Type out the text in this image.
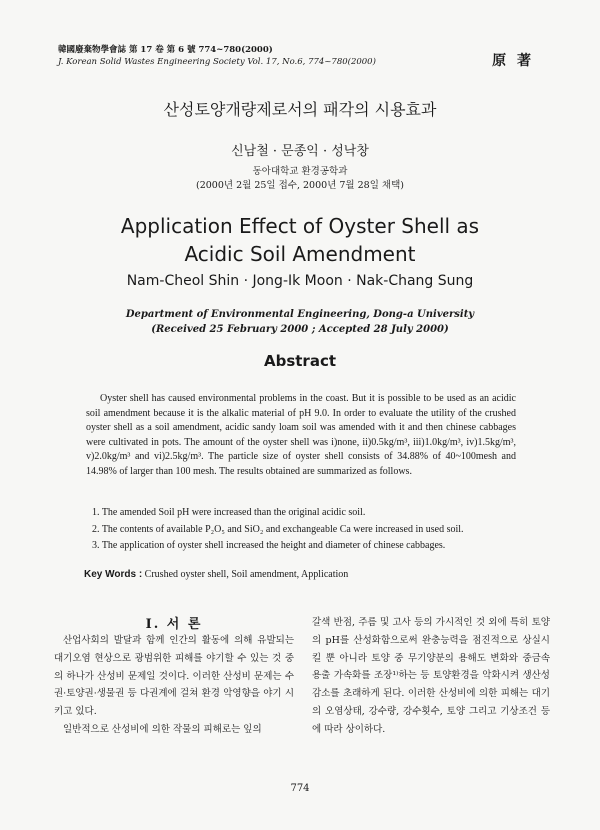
韓國廢棄物學會誌 第 17 卷 第 6 號 774~780(2000)
J. Korean Solid Wastes Engineering Society Vol. 17, No.6, 774~780(2000)	原 著
산성토양개량제로서의 패각의 시용효과
신남철 · 문종익 · 성낙창
동아대학교 환경공학과
(2000년 2월 25일 접수, 2000년 7월 28일 채택)
Application Effect of Oyster Shell as
Acidic Soil Amendment
Nam-Cheol Shin · Jong-Ik Moon · Nak-Chang Sung
Department of Environmental Engineering, Dong-a University
(Received 25 February 2000 ; Accepted 28 July 2000)
Abstract
Oyster shell has caused environmental problems in the coast. But it is possible to be used as an acidic soil amendment because it is the alkalic material of pH 9.0. In order to evaluate the utility of the crushed oyster shell as a soil amendment, acidic sandy loam soil was amended with it and then chinese cabbages were cultivated in pots. The amount of the oyster shell was i)none, ii)0.5kg/m³, iii)1.0kg/m³, iv)1.5kg/m³, v)2.0kg/m³ and vi)2.5kg/m³. The particle size of oyster shell consists of 34.88% of 40~100mesh and 14.98% of larger than 100 mesh. The results obtained are summarized as follows.
1. The amended Soil pH were increased than the original acidic soil.
2. The contents of available P₂O₅ and SiO₂ and exchangeable Ca were increased in used soil.
3. The application of oyster shell increased the height and diameter of chinese cabbages.
Key Words : Crushed oyster shell, Soil amendment, Application
I. 서 론

산업사회의 발달과 함께 인간의 활동에 의해 유발되는 대기오염 현상으로 광범위한 피해를 야기할 수 있는 것 중의 하나가 산성비 문제일 것이다. 이러한 산성비 문제는 수권·토양권·생물권 등 다권계에 걸쳐 환경 악영향을 야기 시키고 있다.

일반적으로 산성비에 의한 작물의 피해로는 잎의

갈색 반점, 주름 및 고사 등의 가시적인 것 외에 특히 토양의 pH를 산성화함으로써 완충능력을 점진적으로 상실시킬 뿐 아니라 토양 중 무기양분의 용해도 변화와 중금속 용출 가속화를 조장¹⁾하는 등 토양환경을 악화시켜 생산성 감소를 초래하게 된다. 이러한 산성비에 의한 피해는 대기의 오염상태, 강수량, 강수횟수, 토양 그리고 기상조건 등에 따라 상이하다.

774
